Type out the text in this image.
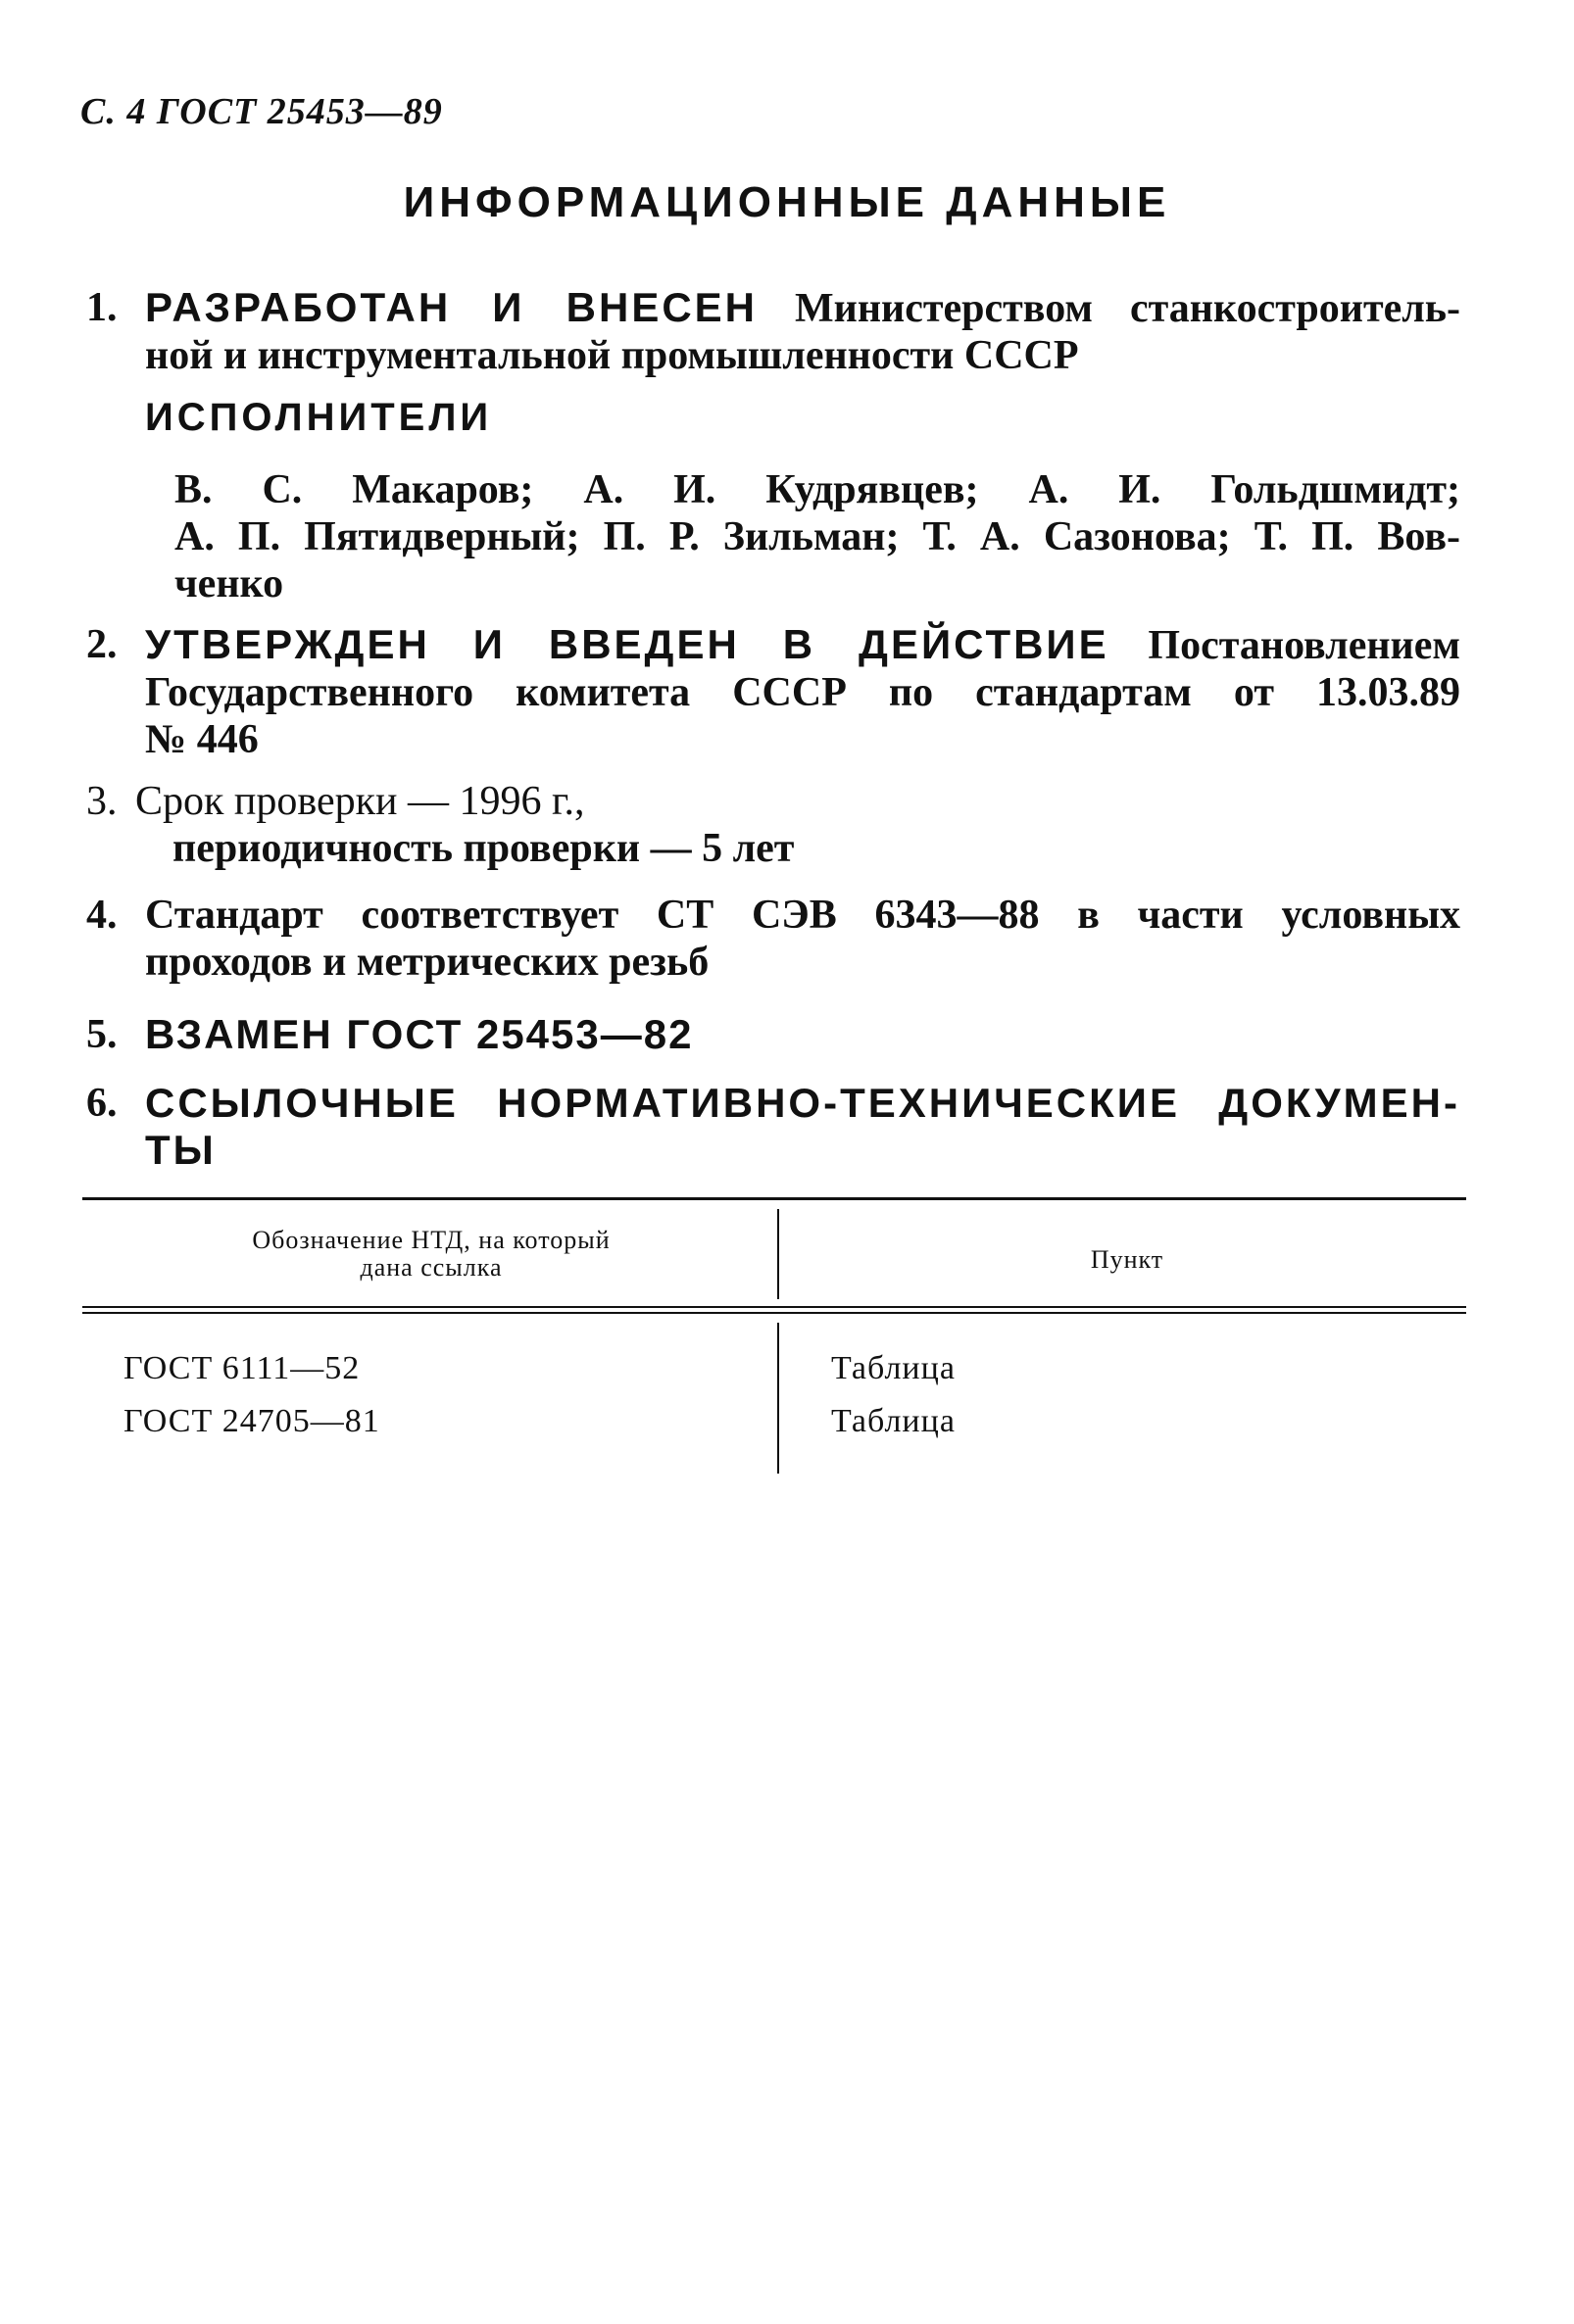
С. 4 ГОСТ 25453—89
ИНФОРМАЦИОННЫЕ ДАННЫЕ
1. РАЗРАБОТАН И ВНЕСЕН Министерством станкостроитель-
ной и инструментальной промышленности СССР
ИСПОЛНИТЕЛИ
В. С. Макаров; А. И. Кудрявцев; А. И. Гольдшмидт;
А. П. Пятидверный; П. Р. Зильман; Т. А. Сазонова; Т. П. Вов-
ченко
2. УТВЕРЖДЕН И ВВЕДЕН В ДЕЙСТВИЕ Постановлением
Государственного комитета СССР по стандартам от 13.03.89
№ 446
3. Срок проверки — 1996 г.,
периодичность проверки — 5 лет
4. Стандарт соответствует СТ СЭВ 6343—88 в части условных
проходов и метрических резьб
5. ВЗАМЕН ГОСТ 25453—82
6. ССЫЛОЧНЫЕ НОРМАТИВНО-ТЕХНИЧЕСКИЕ ДОКУМЕН-
ТЫ
Обозначение НТД, на который
дана ссылка	Пункт
ГОСТ 6111—52	Таблица
ГОСТ 24705—81	Таблица
